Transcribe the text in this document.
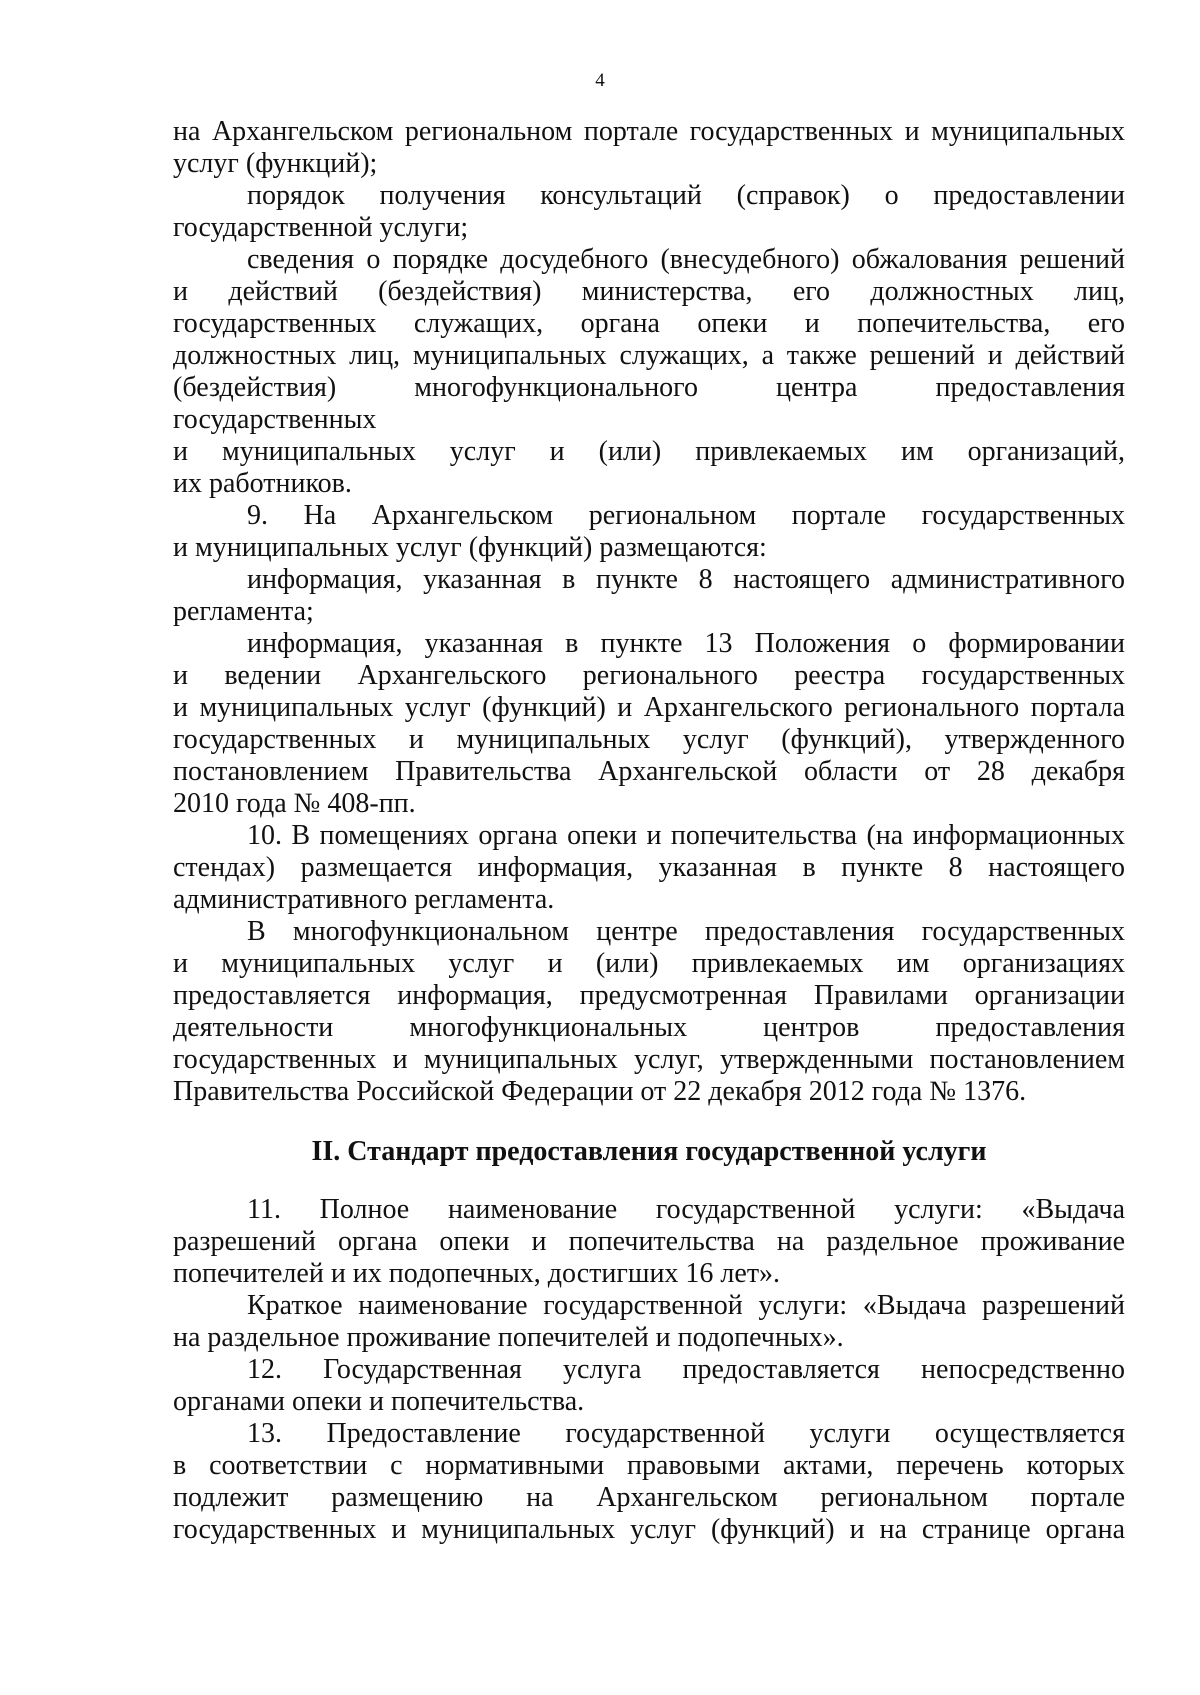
4

на Архангельском региональном портале государственных и муниципальных
услуг (функций);

порядок получения консультаций (справок) о предоставлении
государственной услуги;

сведения о порядке досудебного (внесудебного) обжалования решений
и действий (бездействия) министерства, его должностных лиц,
государственных служащих, органа опеки и попечительства, его
должностных лиц, муниципальных служащих, а также решений и действий
(бездействия) многофункционального центра предоставления
государственных

и муниципальных услуг и (или) привлекаемых им организаций,
их работников.

9. На Архангельском региональном портале государственных
и муниципальных услуг (функций) размещаются:

информация, указанная в пункте 8 настоящего административного
регламента;

информация, указанная в пункте 13 Положения о формировании
и ведении Архангельского регионального реестра государственных
и муниципальных услуг (функций) и Архангельского регионального портала
государственных и муниципальных услуг (функций), утвержденного
постановлением Правительства Архангельской области от 28 декабря
2010 года № 408-пп.

10. В помещениях органа опеки и попечительства (на информационных
стендах) размещается информация, указанная в пункте 8 настоящего
административного регламента.

В многофункциональном центре предоставления государственных
и муниципальных услуг и (или) привлекаемых им организациях
предоставляется информация, предусмотренная Правилами организации
деятельности многофункциональных центров предоставления
государственных и муниципальных услуг, утвержденными постановлением
Правительства Российской Федерации от 22 декабря 2012 года № 1376.

II. Стандарт предоставления государственной услуги

11. Полное наименование государственной услуги: «Выдача
разрешений органа опеки и попечительства на раздельное проживание
попечителей и их подопечных, достигших 16 лет».

Краткое наименование государственной услуги: «Выдача разрешений
на раздельное проживание попечителей и подопечных».

12. Государственная услуга предоставляется непосредственно
органами опеки и попечительства.

13. Предоставление государственной услуги осуществляется
в соответствии с нормативными правовыми актами, перечень которых
подлежит размещению на Архангельском региональном портале
государственных и муниципальных услуг (функций) и на странице органа
